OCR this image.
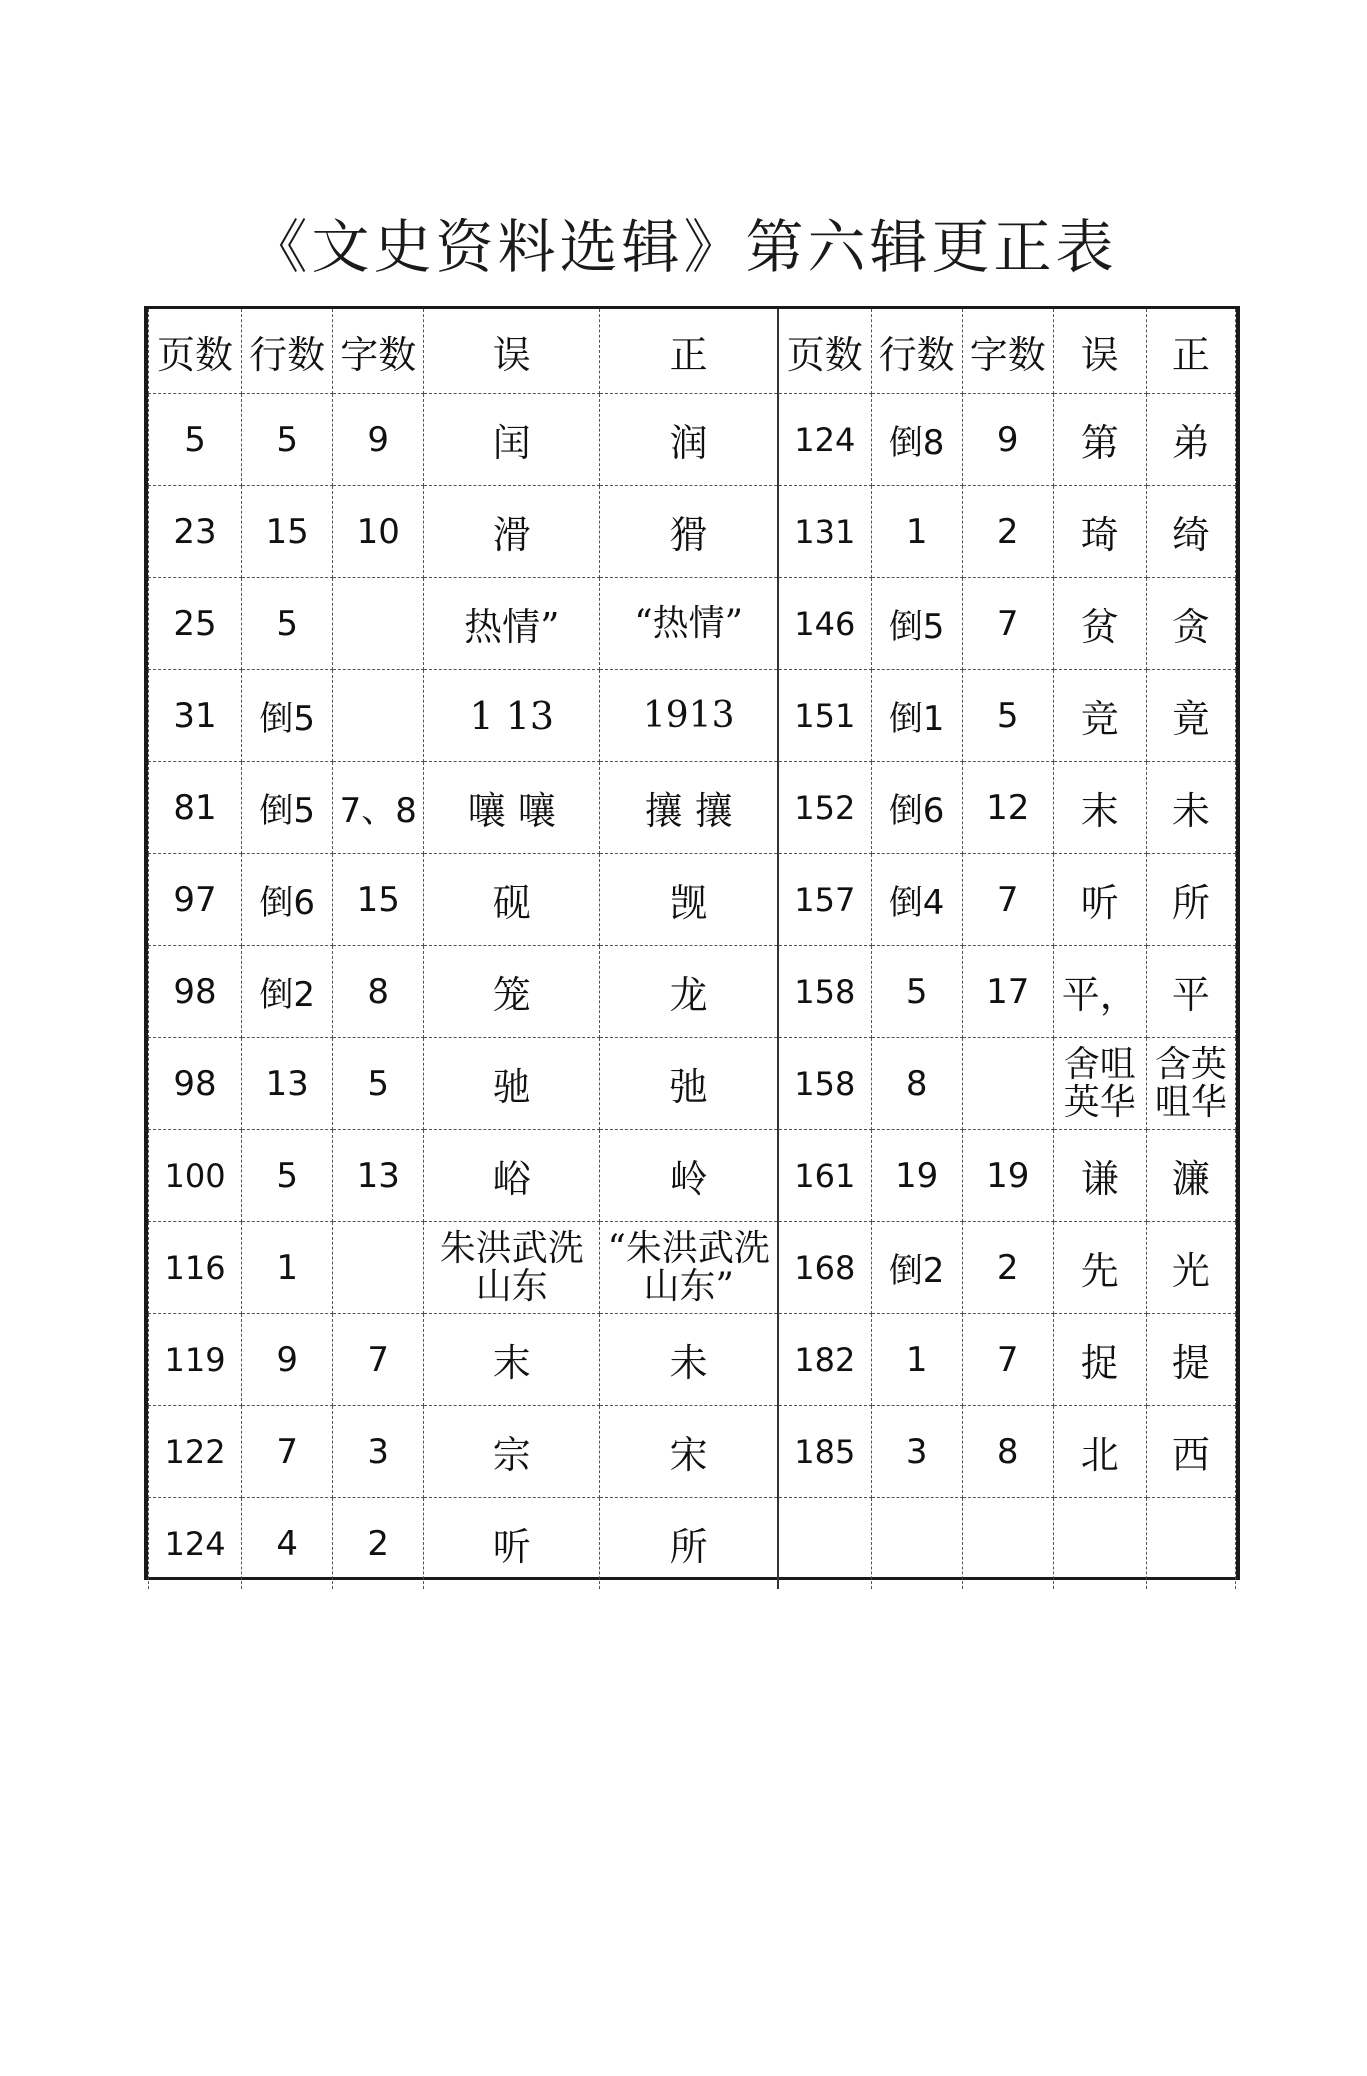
《文史资料选辑》第六辑更正表
页数	行数	字数	误	正	页数	行数	字数	误	正
5	5	9	闰	润	124	倒8	9	第	弟
23	15	10	滑	猾	131	1	2	琦	绮
25	5		热情”	“热情”	146	倒5	7	贫	贪
31	倒5		1 13	1913	151	倒1	5	竞	竟
81	倒5	7、8	嚷 嚷	攘 攘	152	倒6	12	末	未
97	倒6	15	砚	觊	157	倒4	7	听	所
98	倒2	8	笼	龙	158	5	17	平，	平
98	13	5	驰	弛	158	8		舍咀英华	含英咀华
100	5	13	峪	岭	161	19	19	谦	濂
116	1		朱洪武洗山东	“朱洪武洗山东”	168	倒2	2	先	光
119	9	7	末	未	182	1	7	捉	提
122	7	3	宗	宋	185	3	8	北	西
124	4	2	听	所					
